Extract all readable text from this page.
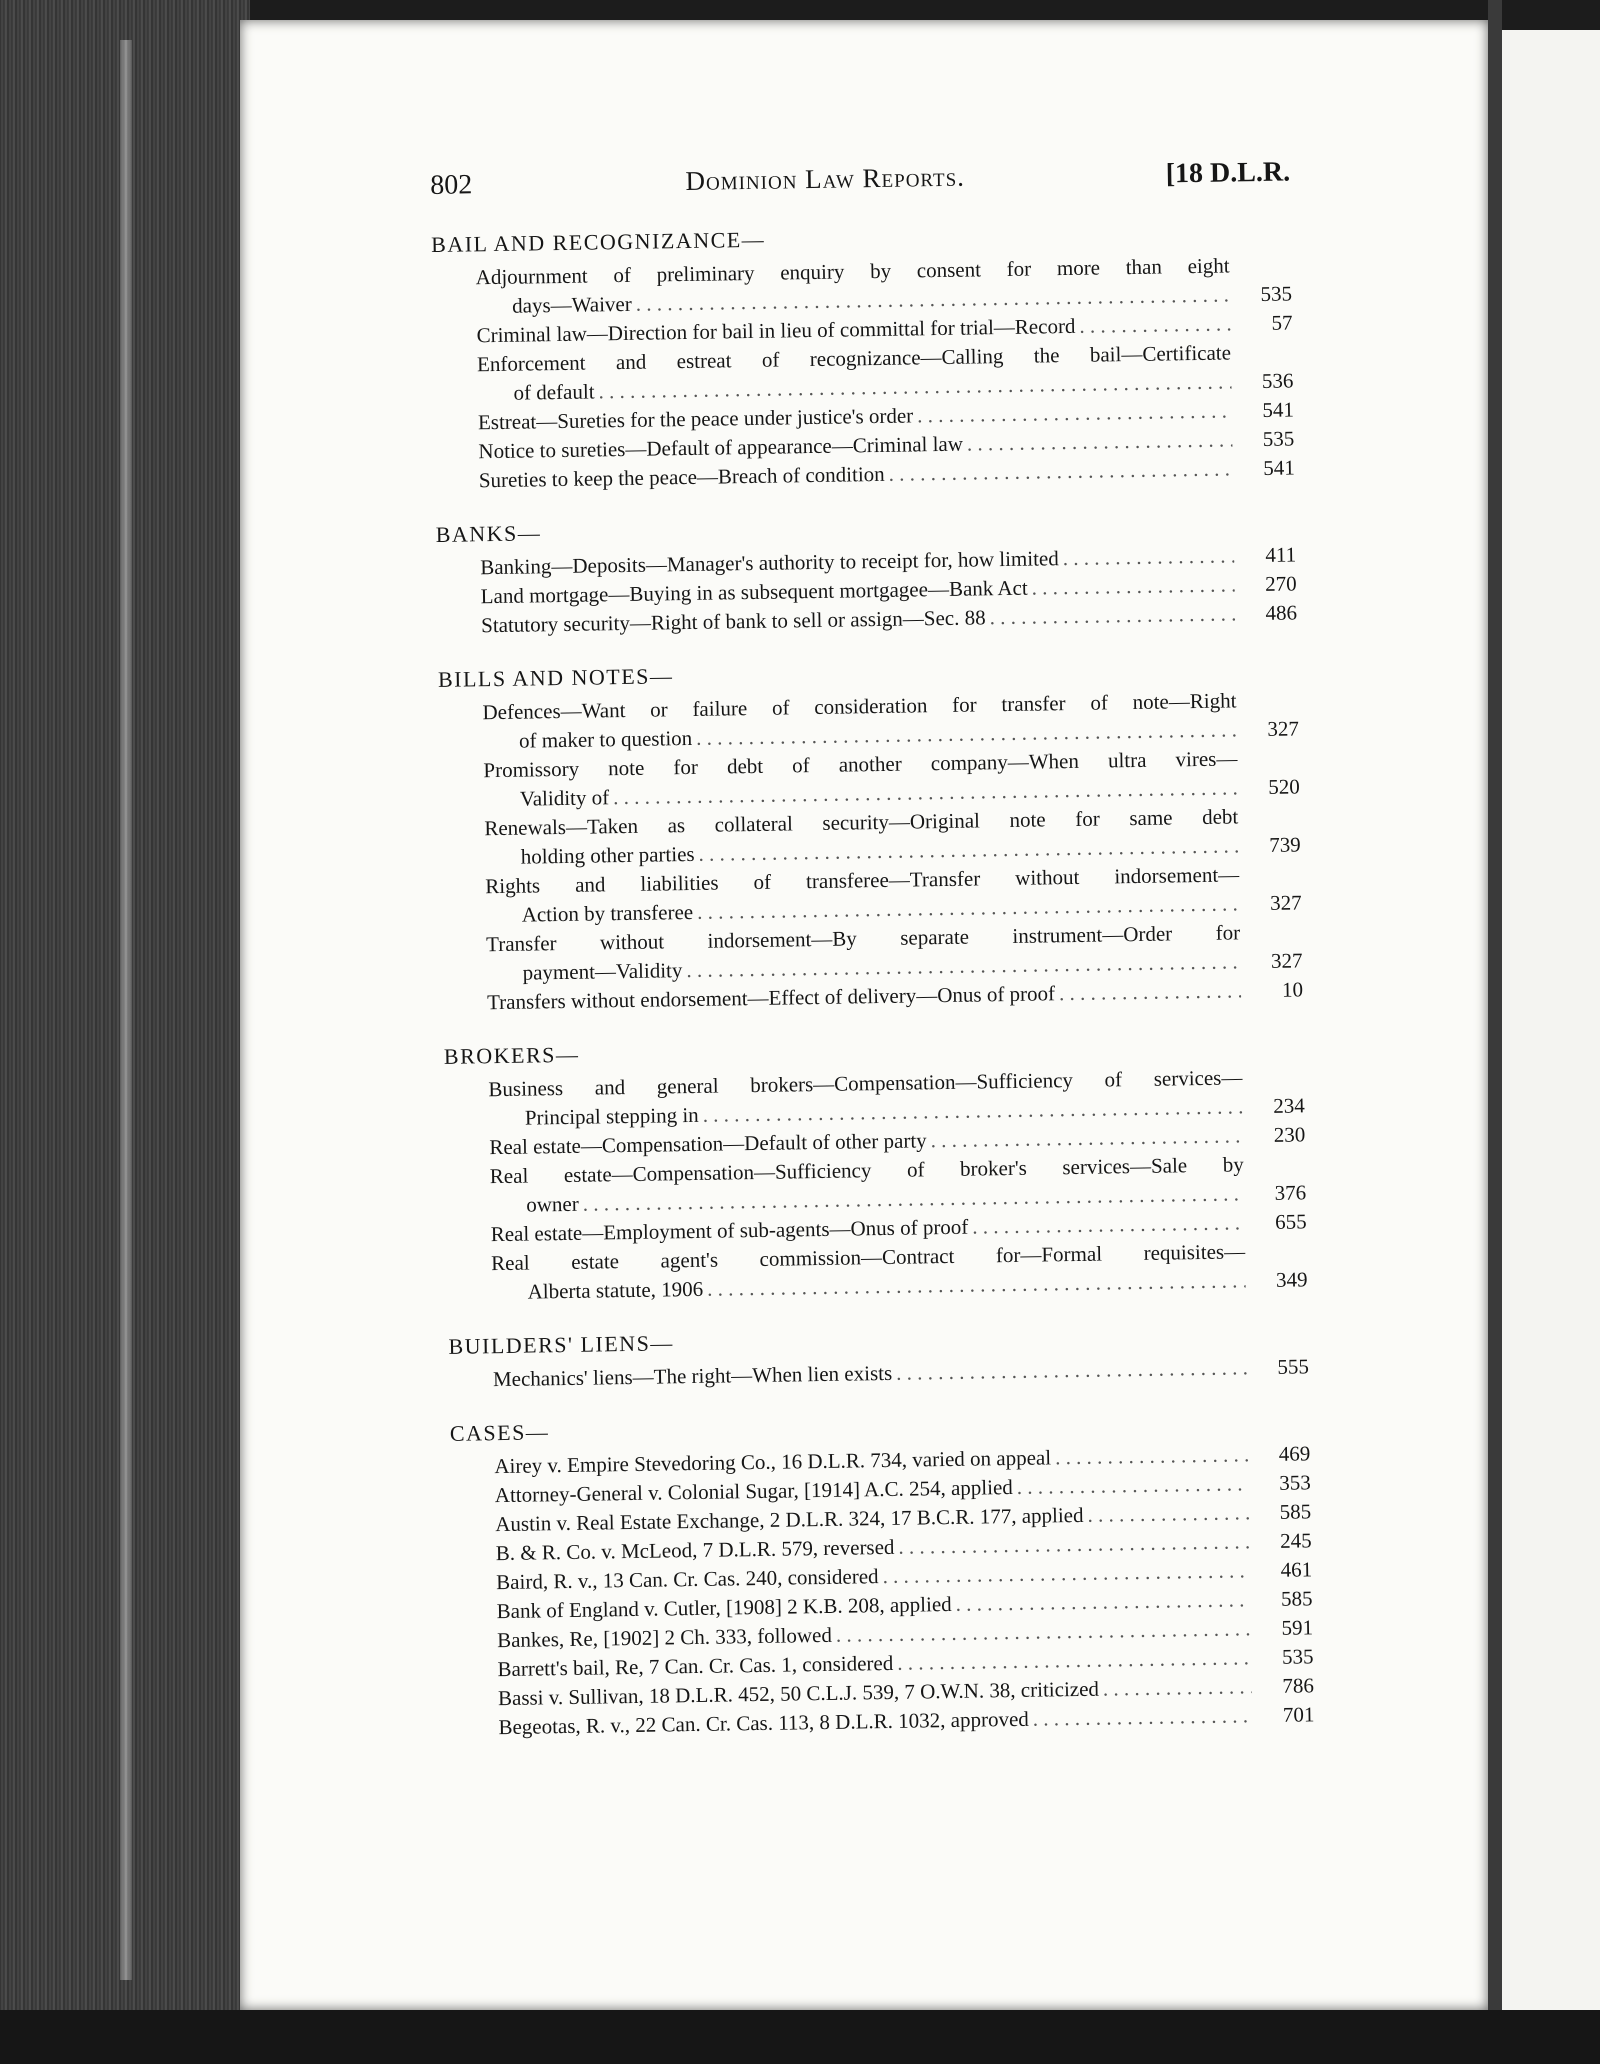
802	Dominion Law Reports.	[18 D.L.R.
BAIL AND RECOGNIZANCE—
Adjournment of preliminary enquiry by consent for more than eight
days—Waiver . . .	535
Criminal law—Direction for bail in lieu of committal for trial—Record . . .	57
Enforcement and estreat of recognizance—Calling the bail—Certificate
of default . . .	536
Estreat—Sureties for the peace under justice's order . . .	541
Notice to sureties—Default of appearance—Criminal law . . .	535
Sureties to keep the peace—Breach of condition . . .	541
BANKS—
Banking—Deposits—Manager's authority to receipt for, how limited . . .	411
Land mortgage—Buying in as subsequent mortgagee—Bank Act . . .	270
Statutory security—Right of bank to sell or assign—Sec. 88 . . .	486
BILLS AND NOTES—
Defences—Want or failure of consideration for transfer of note—Right
of maker to question . . .	327
Promissory note for debt of another company—When ultra vires—
Validity of . . .	520
Renewals—Taken as collateral security—Original note for same debt
holding other parties . . .	739
Rights and liabilities of transferee—Transfer without indorsement—
Action by transferee . . .	327
Transfer without indorsement—By separate instrument—Order for
payment—Validity . . .	327
Transfers without endorsement—Effect of delivery—Onus of proof . . .	10
BROKERS—
Business and general brokers—Compensation—Sufficiency of services—
Principal stepping in . . .	234
Real estate—Compensation—Default of other party . . .	230
Real estate—Compensation—Sufficiency of broker's services—Sale by
owner . . .	376
Real estate—Employment of sub-agents—Onus of proof . . .	655
Real estate agent's commission—Contract for—Formal requisites—
Alberta statute, 1906 . . .	349
BUILDERS' LIENS—
Mechanics' liens—The right—When lien exists . . .	555
CASES—
Airey v. Empire Stevedoring Co., 16 D.L.R. 734, varied on appeal . . .	469
Attorney-General v. Colonial Sugar, [1914] A.C. 254, applied . . .	353
Austin v. Real Estate Exchange, 2 D.L.R. 324, 17 B.C.R. 177, applied . . .	585
B. & R. Co. v. McLeod, 7 D.L.R. 579, reversed . . .	245
Baird, R. v., 13 Can. Cr. Cas. 240, considered . . .	461
Bank of England v. Cutler, [1908] 2 K.B. 208, applied . . .	585
Bankes, Re, [1902] 2 Ch. 333, followed . . .	591
Barrett's bail, Re, 7 Can. Cr. Cas. 1, considered . . .	535
Bassi v. Sullivan, 18 D.L.R. 452, 50 C.L.J. 539, 7 O.W.N. 38, criticized . . .	786
Begeotas, R. v., 22 Can. Cr. Cas. 113, 8 D.L.R. 1032, approved . . .	701
